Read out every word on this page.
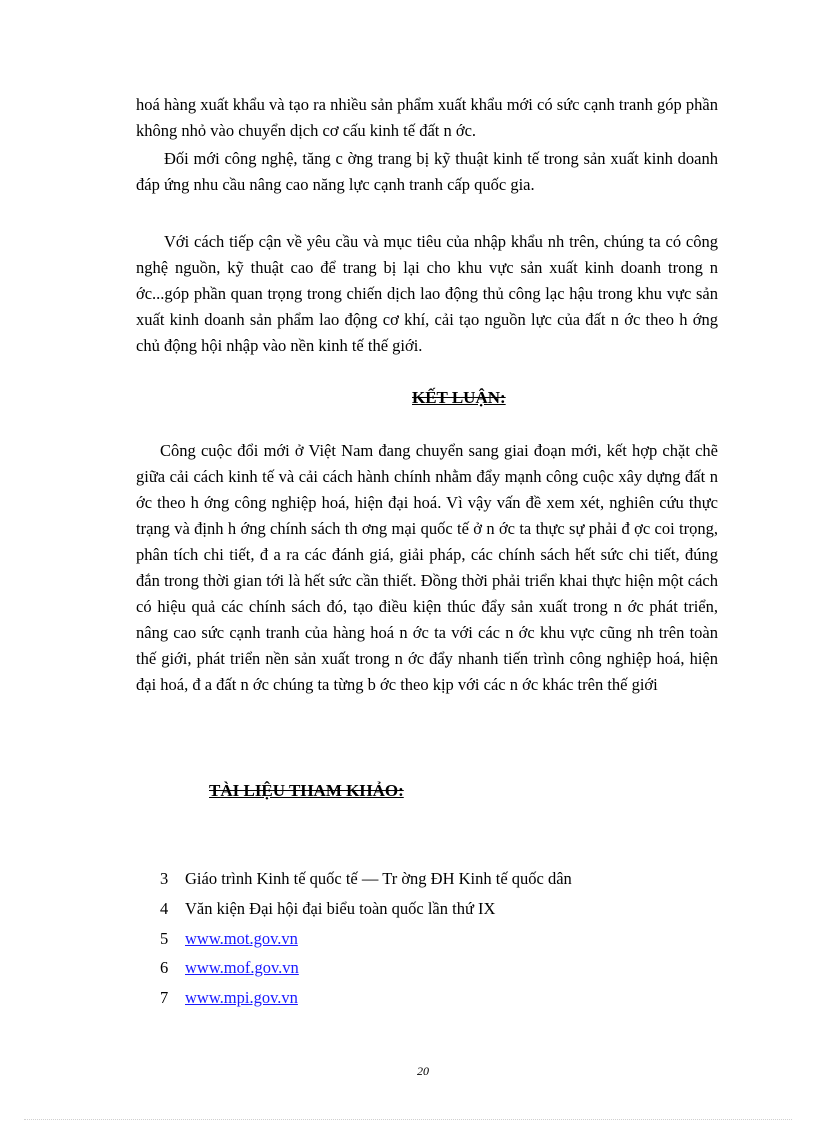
hoá hàng xuất khẩu và tạo ra nhiều sản phẩm xuất khẩu mới có sức cạnh tranh góp phần không nhỏ vào chuyển dịch cơ cấu kinh tế đất n ớc.

Đối mới công nghệ, tăng c ờng trang bị kỹ thuật kinh tế trong sản xuất kinh doanh đáp ứng nhu cầu nâng cao năng lực cạnh tranh cấp quốc gia.

Với cách tiếp cận về yêu cầu và mục tiêu của nhập khẩu nh trên, chúng ta có công nghệ nguồn, kỹ thuật cao để trang bị lại cho khu vực sản xuất kinh doanh trong n ớc...góp phần quan trọng trong chiến dịch lao động thủ công lạc hậu trong khu vực sản xuất kinh doanh sản phẩm lao động cơ khí, cải tạo nguồn lực của đất n ớc theo h ớng chủ động hội nhập vào nền kinh tế thế giới.

KẾT LUẬN:

Công cuộc đổi mới ở Việt Nam đang chuyển sang giai đoạn mới, kết hợp chặt chẽ giữa cải cách kinh tế và cải cách hành chính nhằm đẩy mạnh công cuộc xây dựng đất n ớc theo h ớng công nghiệp hoá, hiện đại hoá. Vì vậy vấn đề xem xét, nghiên cứu thực trạng và định h ớng chính sách th ơng mại quốc tế ở n ớc ta thực sự phải đ ợc coi trọng, phân tích chi tiết, đ a ra các đánh giá, giải pháp, các chính sách hết sức chi tiết, đúng đắn trong thời gian tới là hết sức cần thiết. Đồng thời phải triển khai thực hiện một cách có hiệu quả các chính sách đó, tạo điều kiện thúc đẩy sản xuất trong n ớc phát triển, nâng cao sức cạnh tranh của hàng hoá n ớc ta với các n ớc khu vực cũng nh trên toàn thế giới, phát triển nền sản xuất trong n ớc đẩy nhanh tiến trình công nghiệp hoá, hiện đại hoá, đ a đất n ớc chúng ta từng b ớc theo kịp với các n ớc khác trên thế giới

TÀI LIỆU THAM KHẢO:
3	Giáo trình Kinh tế quốc tế — Tr ờng ĐH Kinh tế quốc dân
4	Văn kiện Đại hội đại biểu toàn quốc lần thứ IX
5	www.mot.gov.vn
6	www.mof.gov.vn
7	www.mpi.gov.vn
20
